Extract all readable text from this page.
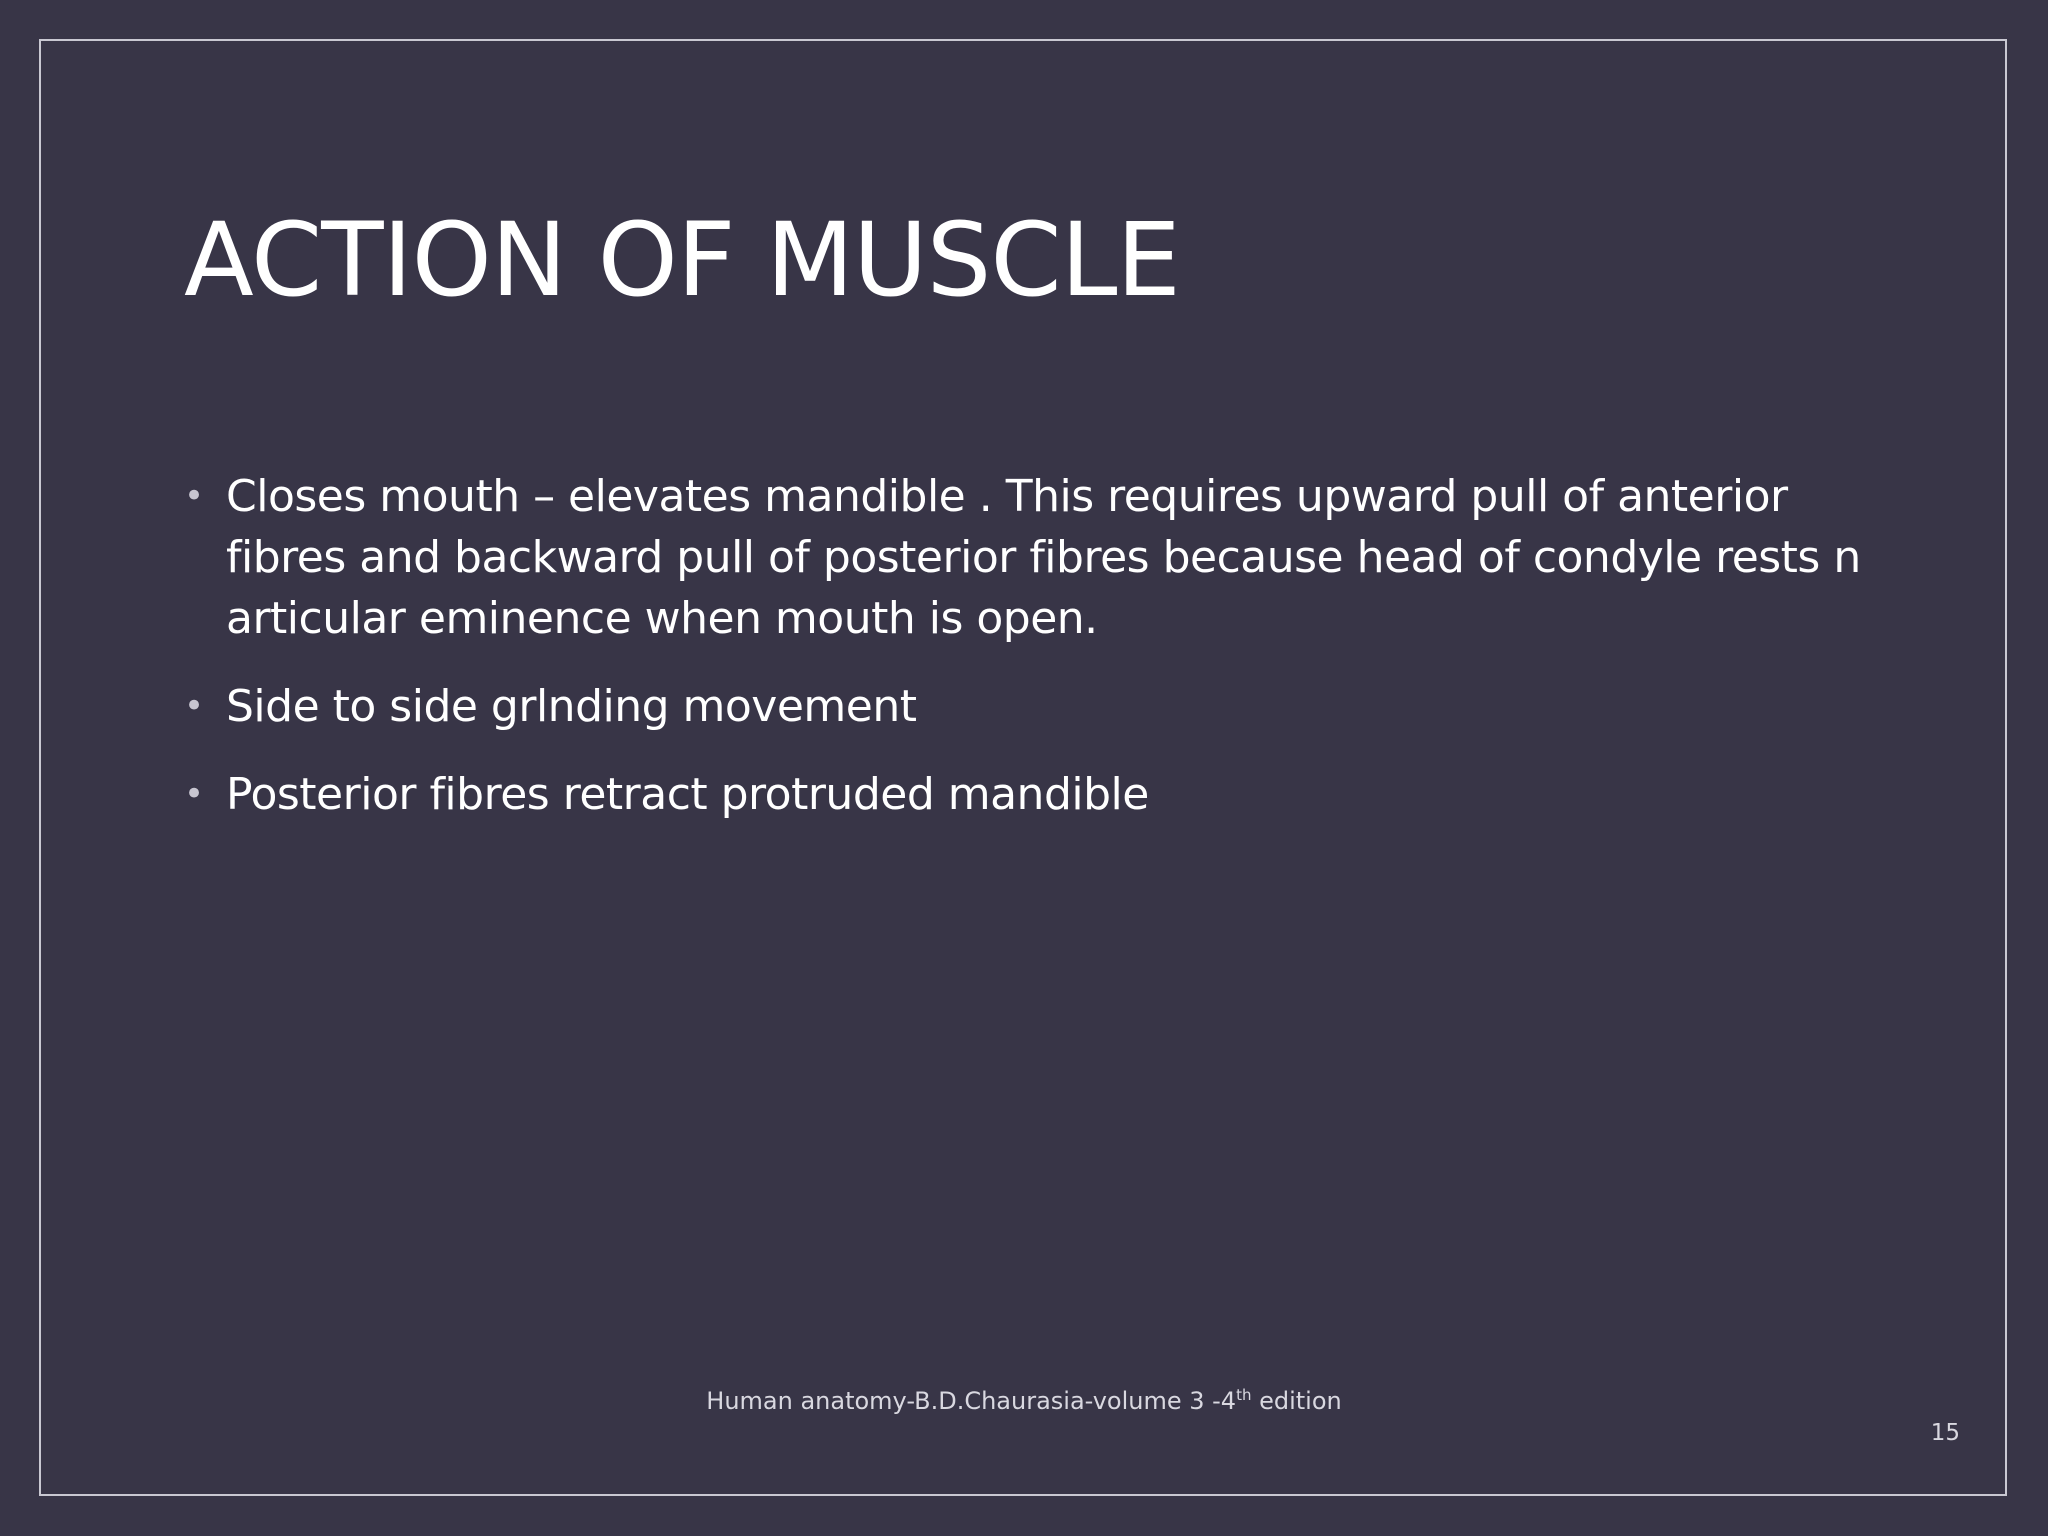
ACTION OF MUSCLE
• Closes mouth – elevates mandible . This requires upward pull of anterior fibres and backward pull of posterior fibres because head of condyle rests n articular eminence when mouth is open.
• Side to side grlnding movement
• Posterior fibres retract protruded mandible
Human anatomy-B.D.Chaurasia-volume 3 -4th edition
15
